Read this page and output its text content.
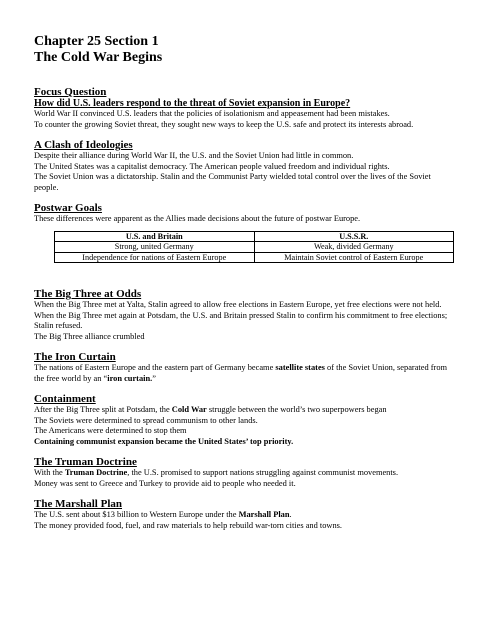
Chapter 25 Section 1
The Cold War Begins
Focus Question
How did U.S. leaders respond to the threat of Soviet expansion in Europe?

World War II convinced U.S. leaders that the policies of isolationism and appeasement had been mistakes.

To counter the growing Soviet threat, they sought new ways to keep the U.S. safe and protect its interests abroad.

A Clash of Ideologies

Despite their alliance during World War II, the U.S. and the Soviet Union had little in common.

The United States was a capitalist democracy. The American people valued freedom and individual rights.

The Soviet Union was a dictatorship. Stalin and the Communist Party wielded total control over the lives of the Soviet people.

Postwar Goals

These differences were apparent as the Allies made decisions about the future of postwar Europe.

U.S. and Britain	U.S.S.R.
Strong, united Germany	Weak, divided Germany
Independence for nations of Eastern Europe	Maintain Soviet control of Eastern Europe
The Big Three at Odds

When the Big Three met at Yalta, Stalin agreed to allow free elections in Eastern Europe, yet free elections were not held.

When the Big Three met again at Potsdam, the U.S. and Britain pressed Stalin to confirm his commitment to free elections; Stalin refused.

The Big Three alliance crumbled

The Iron Curtain

The nations of Eastern Europe and the eastern part of Germany became satellite states of the Soviet Union, separated from the free world by an “iron curtain.”

Containment

After the Big Three split at Potsdam, the Cold War struggle between the world’s two superpowers began

The Soviets were determined to spread communism to other lands.

The Americans were determined to stop them

Containing communist expansion became the United States’ top priority.

The Truman Doctrine

With the Truman Doctrine, the U.S. promised to support nations struggling against communist movements.

Money was sent to Greece and Turkey to provide aid to people who needed it.

The Marshall Plan

The U.S. sent about $13 billion to Western Europe under the Marshall Plan.

The money provided food, fuel, and raw materials to help rebuild war-torn cities and towns.
